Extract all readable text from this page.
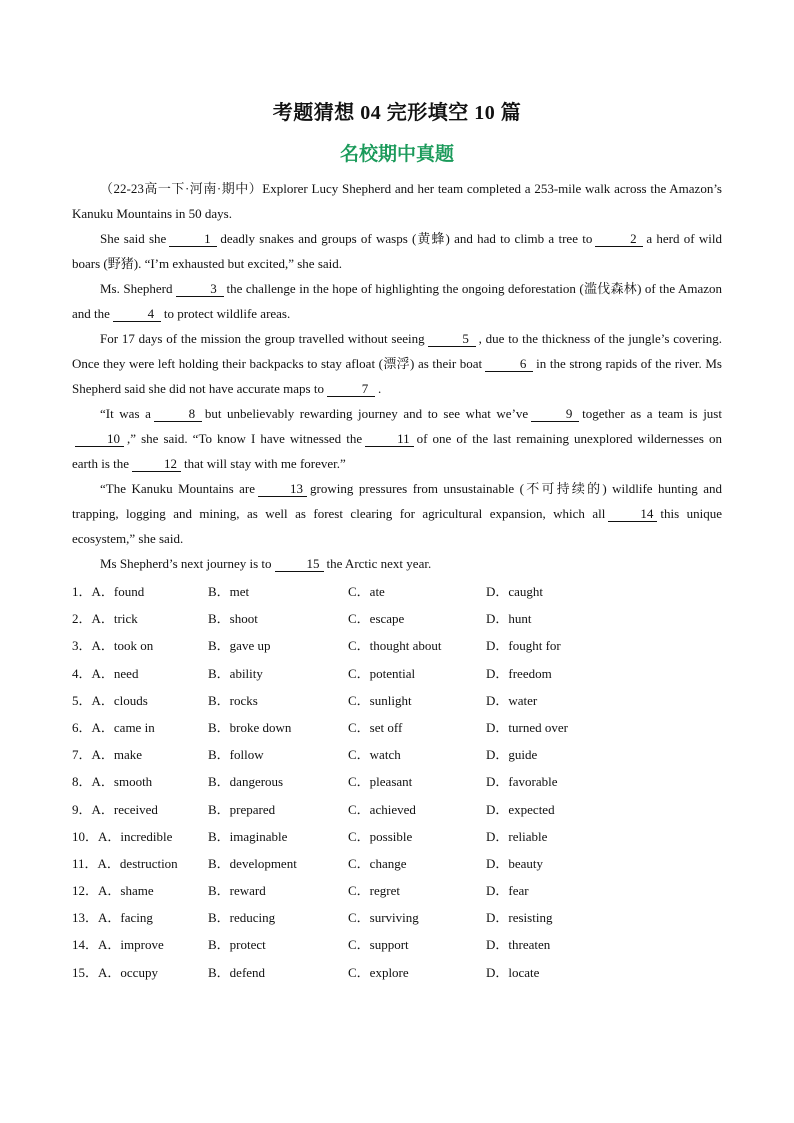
考题猜想 04 完形填空 10 篇
名校期中真题

（22-23高一下·河南·期中）Explorer Lucy Shepherd and her team completed a 253-mile walk across the Amazon’s Kanuku Mountains in 50 days.

She said she	1 deadly snakes and groups of wasps (黄蜂) and had to climb a tree to	2 a herd of wild boars (野猪). “I’m exhausted but excited,” she said.

Ms. Shepherd	3 the challenge in the hope of highlighting the ongoing deforestation (滥伐森林) of the Amazon and the	4 to protect wildlife areas.

For 17 days of the mission the group travelled without seeing	5 , due to the thickness of the jungle’s covering. Once they were left holding their backpacks to stay afloat (漂浮) as their boat	6 in the strong rapids of the river. Ms Shepherd said she did not have accurate maps to	7 .

“It was a	8 but unbelievably rewarding journey and to see what we’ve	9 together as a team is just10 ,” she said. “To know I have witnessed the	11 of one of the last remaining unexplored wildernesses on earth is the	12 that will stay with me forever.”

“The Kanuku Mountains are	13 growing pressures from unsustainable (不可持续的) wildlife hunting and trapping, logging and mining, as well as forest clearing for agricultural expansion, which all	14 this unique ecosystem,” she said.

Ms Shepherd’s next journey is to	15 the Arctic next year.

1．A．found	B．met	C．ate	D．caught
2．A．trick	B．shoot	C．escape	D．hunt
3．A．took on	B．gave up	C．thought about	D．fought for
4．A．need	B．ability	C．potential	D．freedom
5．A．clouds	B．rocks	C．sunlight	D．water
6．A．came in	B．broke down	C．set off	D．turned over
7．A．make	B．follow	C．watch	D．guide
8．A．smooth	B．dangerous	C．pleasant	D．favorable
9．A．received	B．prepared	C．achieved	D．expected
10．A．incredible	B．imaginable	C．possible	D．reliable
11．A．destruction B．development	C．change	D．beauty
12．A．shame	B．reward	C．regret	D．fear
13．A．facing	B．reducing	C．surviving	D．resisting
14．A．improve	B．protect	C．support	D．threaten
15．A．occupy	B．defend	C．explore	D．locate
